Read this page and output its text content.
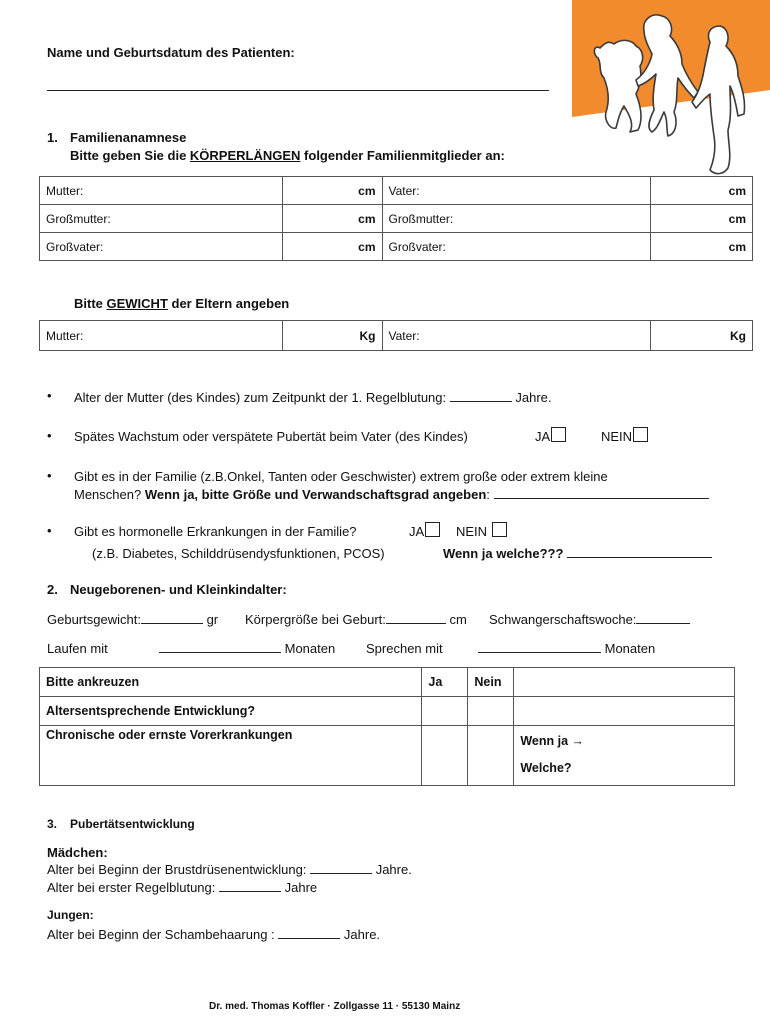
Name und Geburtsdatum des Patienten:
1. Familienanamnese
Bitte geben Sie die KÖRPERLÄNGEN folgender Familienmitglieder an:
Mutter:	cm	Vater:	cm
Großmutter:	cm	Großmutter:	cm
Großvater:	cm	Großvater:	cm
Bitte GEWICHT der Eltern angeben
Mutter:	Kg	Vater:	Kg
• Alter der Mutter (des Kindes) zum Zeitpunkt der 1. Regelblutung:	Jahre.
• Spätes Wachstum oder verspätete Pubertät beim Vater (des Kindes)	JA	NEIN
• Gibt es in der Familie (z.B.Onkel, Tanten oder Geschwister) extrem große oder extrem kleine
Menschen? Wenn ja, bitte Größe und Verwandschaftsgrad angeben:
• Gibt es hormonelle Erkrankungen in der Familie?	JA	NEIN
(z.B. Diabetes, Schilddrüsendysfunktionen, PCOS)	Wenn ja welche???
2. Neugeborenen- und Kleinkindalter:
Geburtsgewicht:	gr Körpergröße bei Geburt:	cm Schwangerschaftswoche:
Laufen mit	Monaten Sprechen mit	Monaten
Bitte ankreuzen	Ja	Nein	
Altersentsprechende Entwicklung?			
Chronische oder ernste Vorerkrankungen			Wenn ja →
Welche?
3. Pubertätsentwicklung
Mädchen:
Alter bei Beginn der Brustdrüsenentwicklung:	Jahre.
Alter bei erster Regelblutung:	Jahre
Jungen:
Alter bei Beginn der Schambehaarung :	Jahre.
Dr. med. Thomas Koffler · Zollgasse 11 · 55130 Mainz
